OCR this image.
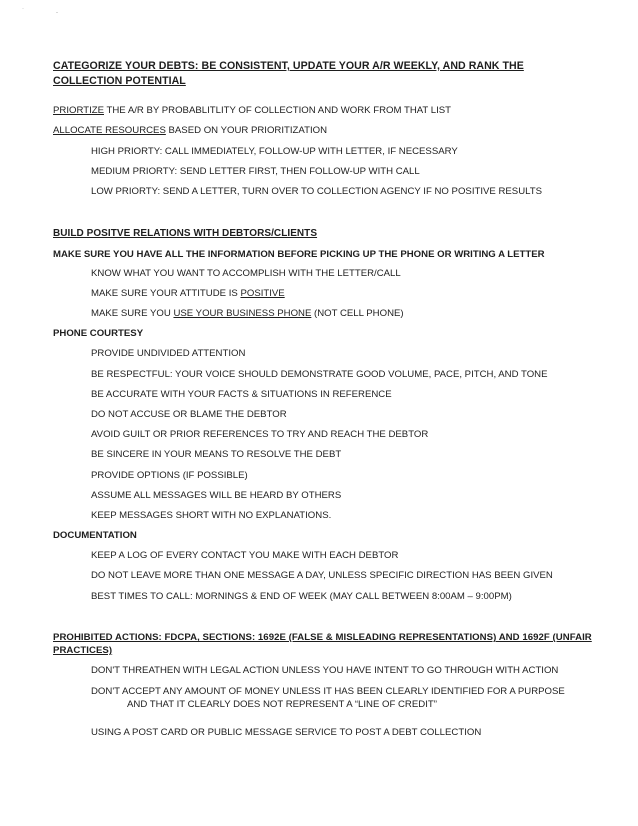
·
-
CATEGORIZE YOUR DEBTS: BE CONSISTENT, UPDATE YOUR A/R WEEKLY, AND RANK THE COLLECTION POTENTIAL
PRIORTIZE THE A/R BY PROBABLITLITY OF COLLECTION AND WORK FROM THAT LIST
ALLOCATE RESOURCES BASED ON YOUR PRIORITIZATION
HIGH PRIORTY: CALL IMMEDIATELY, FOLLOW-UP WITH LETTER, IF NECESSARY
MEDIUM PRIORTY: SEND LETTER FIRST, THEN FOLLOW-UP WITH CALL
LOW PRIORTY: SEND A LETTER, TURN OVER TO COLLECTION AGENCY IF NO POSITIVE RESULTS
BUILD POSITVE RELATIONS WITH DEBTORS/CLIENTS
MAKE SURE YOU HAVE ALL THE INFORMATION BEFORE PICKING UP THE PHONE OR WRITING A LETTER
KNOW WHAT YOU WANT TO ACCOMPLISH WITH THE LETTER/CALL
MAKE SURE YOUR ATTITUDE IS POSITIVE
MAKE SURE YOU USE YOUR BUSINESS PHONE (NOT CELL PHONE)
PHONE COURTESY
PROVIDE UNDIVIDED ATTENTION
BE RESPECTFUL: YOUR VOICE SHOULD DEMONSTRATE GOOD VOLUME, PACE, PITCH, AND TONE
BE ACCURATE WITH YOUR FACTS & SITUATIONS IN REFERENCE
DO NOT ACCUSE OR BLAME THE DEBTOR
AVOID GUILT OR PRIOR REFERENCES TO TRY AND REACH THE DEBTOR
BE SINCERE IN YOUR MEANS TO RESOLVE THE DEBT
PROVIDE OPTIONS (IF POSSIBLE)
ASSUME ALL MESSAGES WILL BE HEARD BY OTHERS
KEEP MESSAGES SHORT WITH NO EXPLANATIONS.
DOCUMENTATION
KEEP A LOG OF EVERY CONTACT YOU MAKE WITH EACH DEBTOR
DO NOT LEAVE MORE THAN ONE MESSAGE A DAY, UNLESS SPECIFIC DIRECTION HAS BEEN GIVEN
BEST TIMES TO CALL: MORNINGS & END OF WEEK (MAY CALL BETWEEN 8:00AM – 9:00PM)
PROHIBITED ACTIONS: FDCPA, SECTIONS: 1692E (FALSE & MISLEADING REPRESENTATIONS) AND 1692F (UNFAIR PRACTICES)
DON'T THREATHEN WITH LEGAL ACTION UNLESS YOU HAVE INTENT TO GO THROUGH WITH ACTION
DON'T ACCEPT ANY AMOUNT OF MONEY UNLESS IT HAS BEEN CLEARLY IDENTIFIED FOR A PURPOSE
AND THAT IT CLEARLY DOES NOT REPRESENT A “LINE OF CREDIT”
USING A POST CARD OR PUBLIC MESSAGE SERVICE TO POST A DEBT COLLECTION
